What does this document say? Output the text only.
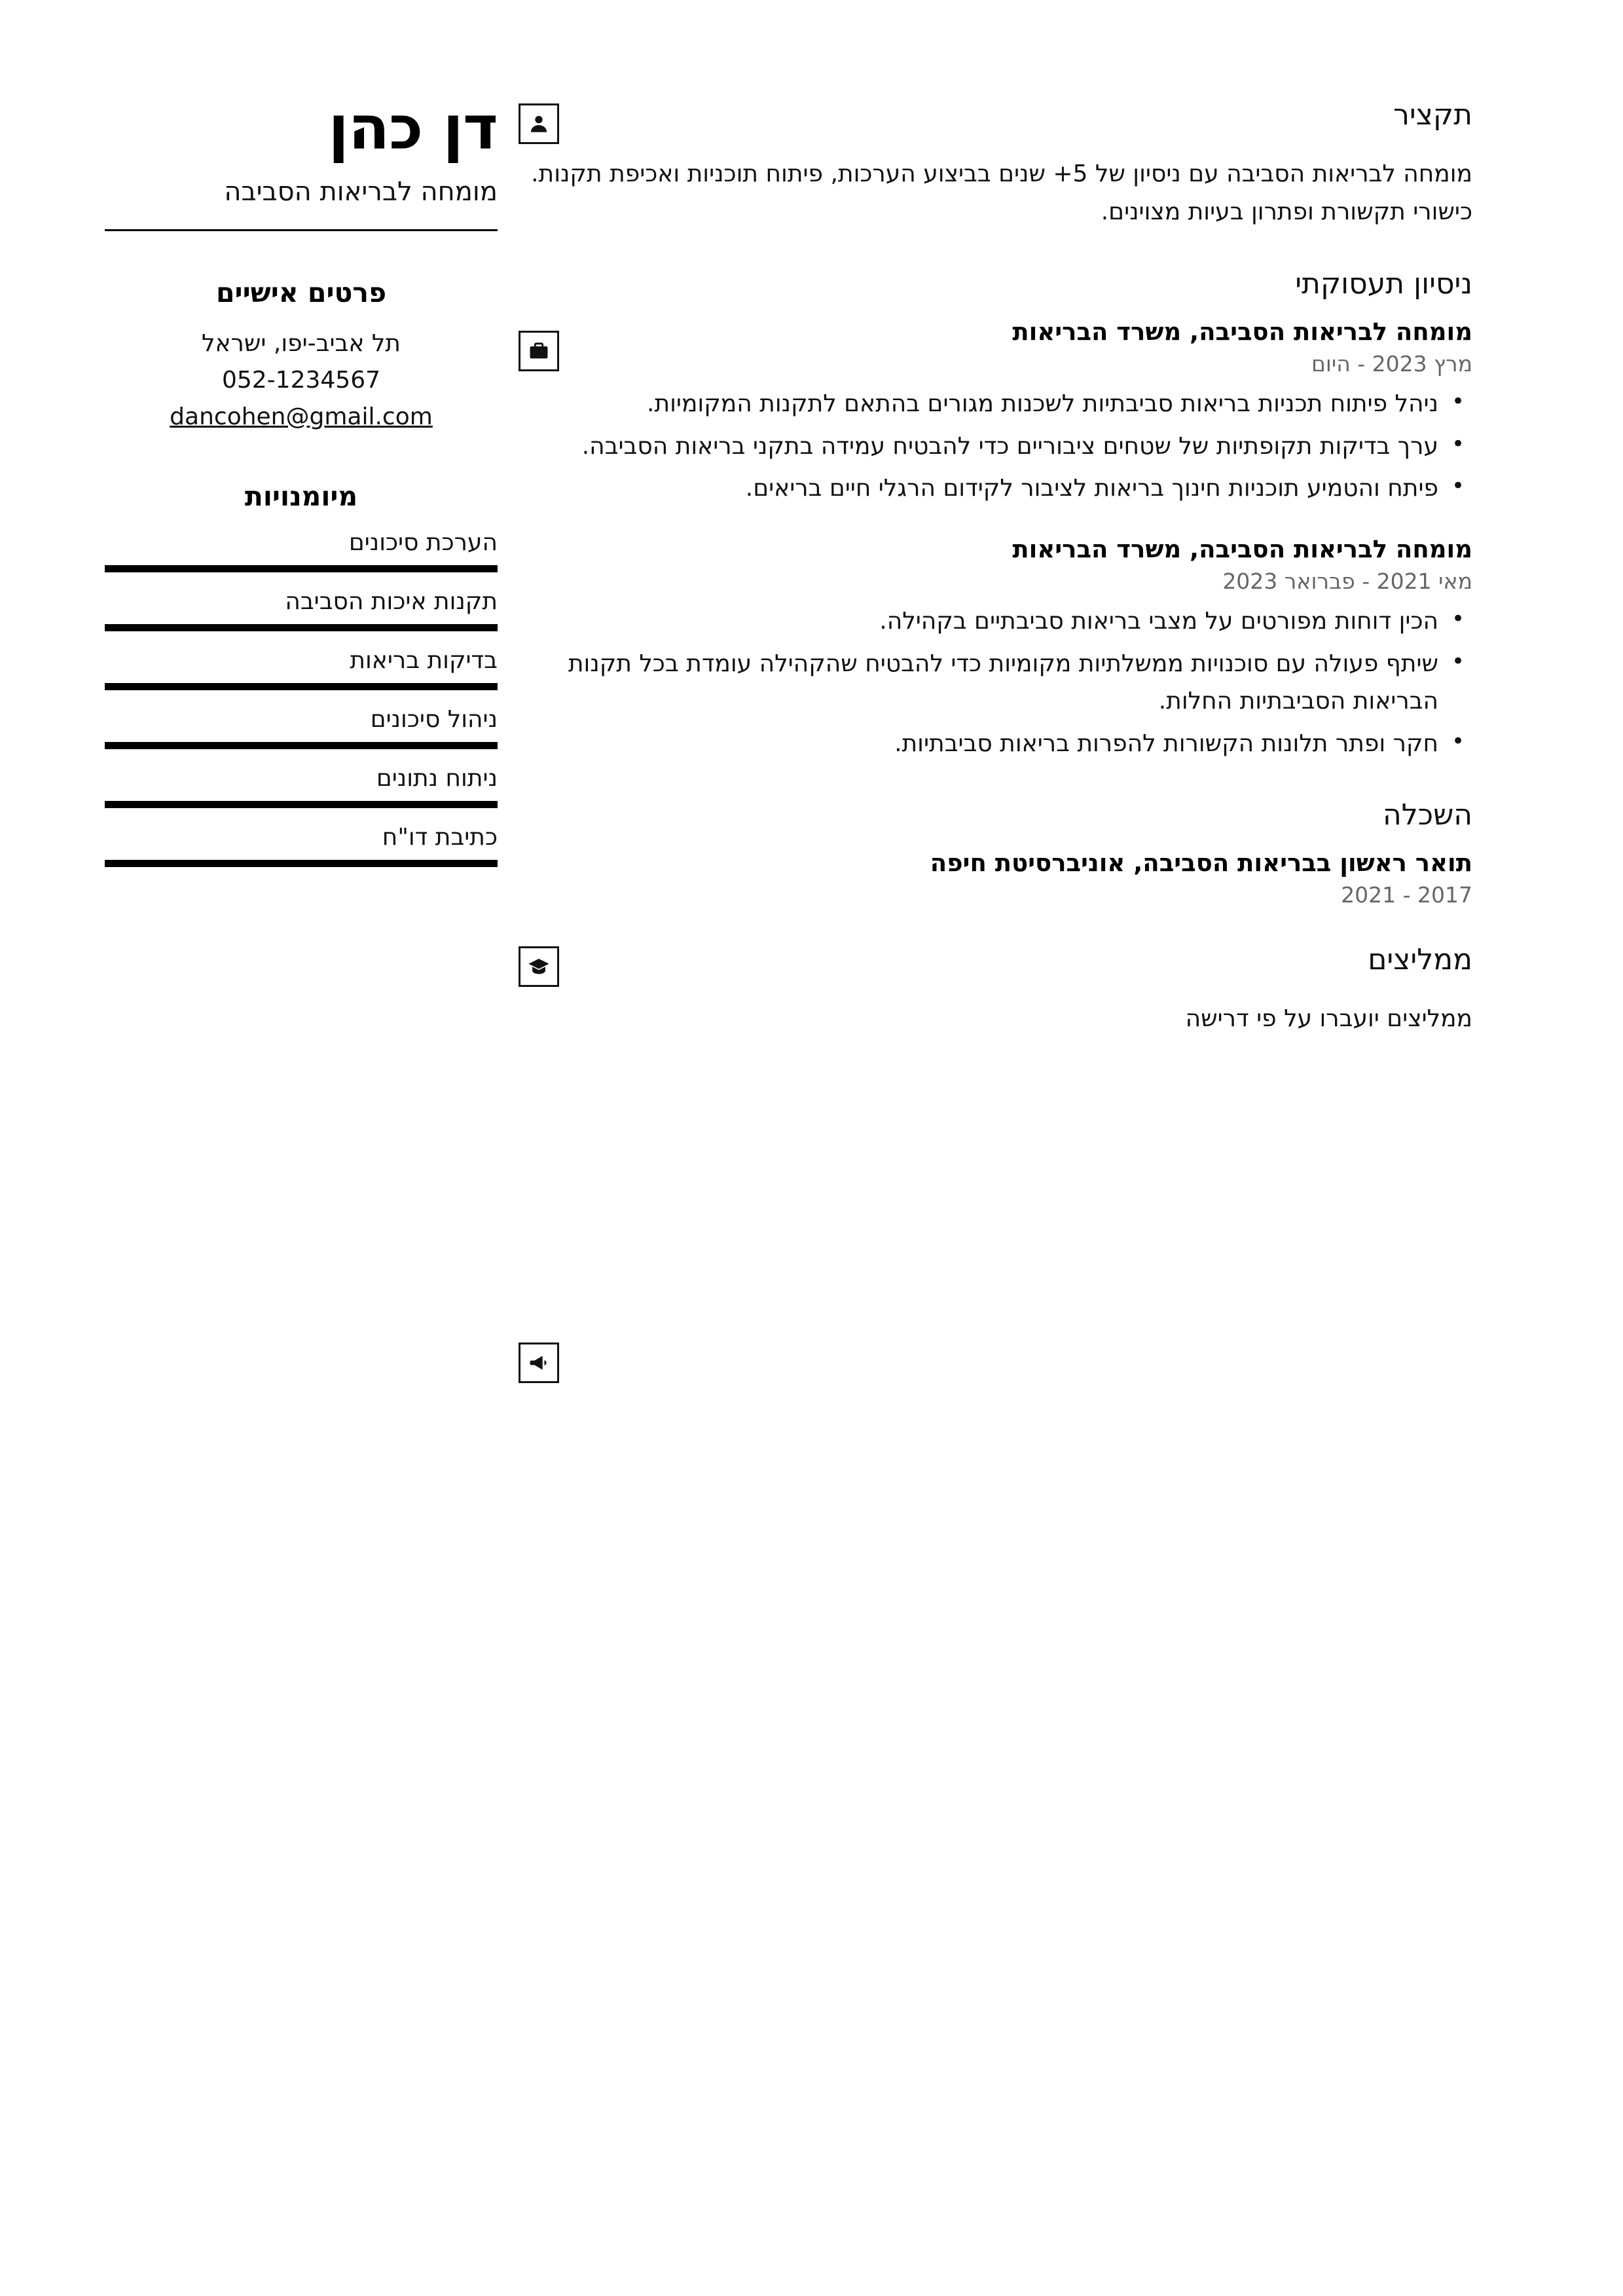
דן כהן
מומחה לבריאות הסביבה
פרטים אישיים
תל אביב-יפו, ישראל
052-1234567
dancohen@gmail.com
מיומנויות
הערכת סיכונים
תקנות איכות הסביבה
בדיקות בריאות
ניהול סיכונים
ניתוח נתונים
כתיבת דו"ח
תקציר

מומחה לבריאות הסביבה עם ניסיון של 5+ שנים בביצוע הערכות, פיתוח תוכניות ואכיפת תקנות. כישורי תקשורת ופתרון בעיות מצוינים.

ניסיון תעסוקתי
מומחה לבריאות הסביבה, משרד הבריאות
מרץ 2023 - היום
• ניהל פיתוח תכניות בריאות סביבתיות לשכנות מגורים בהתאם לתקנות המקומיות.
• ערך בדיקות תקופתיות של שטחים ציבוריים כדי להבטיח עמידה בתקני בריאות הסביבה.
• פיתח והטמיע תוכניות חינוך בריאות לציבור לקידום הרגלי חיים בריאים.
מומחה לבריאות הסביבה, משרד הבריאות
מאי 2021 - פברואר 2023
• הכין דוחות מפורטים על מצבי בריאות סביבתיים בקהילה.
• שיתף פעולה עם סוכנויות ממשלתיות מקומיות כדי להבטיח שהקהילה עומדת בכל תקנות הבריאות הסביבתיות החלות.
• חקר ופתר תלונות הקשורות להפרות בריאות סביבתיות.
השכלה
תואר ראשון בבריאות הסביבה, אוניברסיטת חיפה
2017 - 2021
ממליצים

ממליצים יועברו על פי דרישה
